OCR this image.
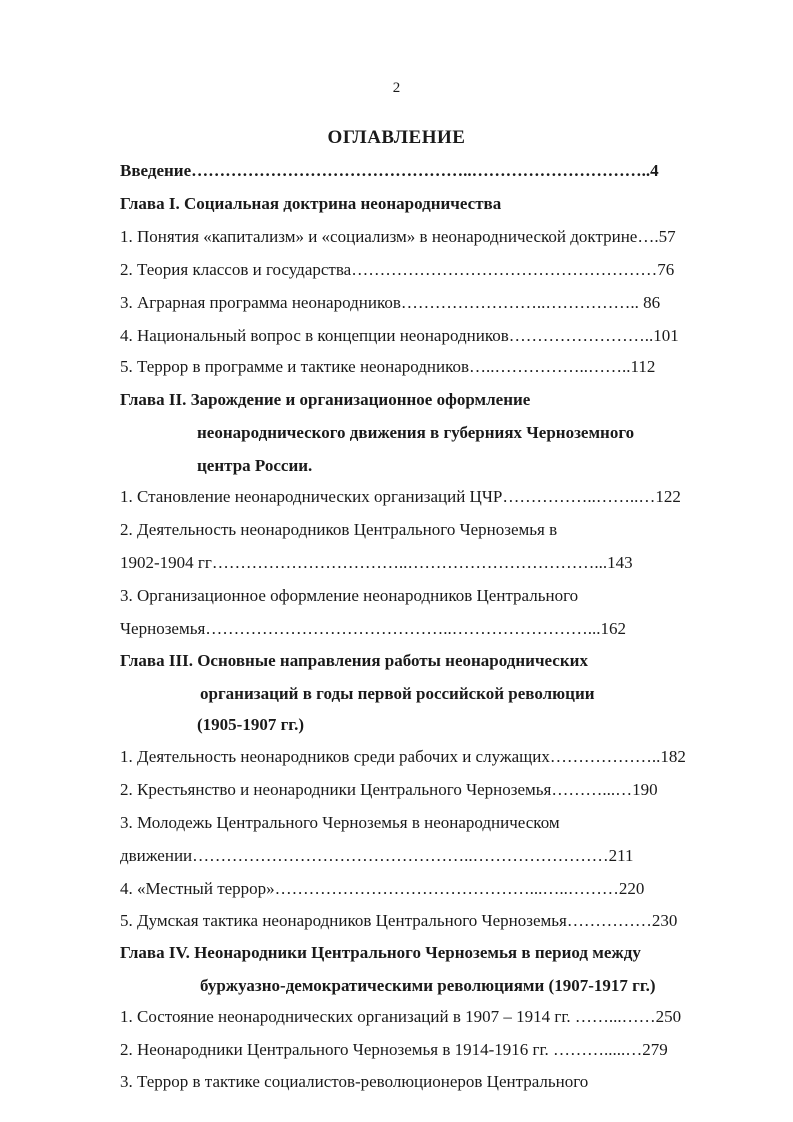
2
ОГЛАВЛЕНИЕ
Введение…………………………………………..…………………………..4
Глава I. Социальная доктрина неонародничества
1. Понятия «капитализм» и «социализм» в неонароднической доктрине….57
2. Теория классов и государства………………………………………………76
3. Аграрная программа неонародников……………………..…………….. 86
4. Национальный вопрос в концепции неонародников……………………..101
5. Террор в программе и тактике неонародников…..……………..……..112
Глава II. Зарождение и организационное оформление
неонароднического движения в губерниях Черноземного
центра России.
1. Становление неонароднических организаций ЦЧР……………..……..…122
2. Деятельность неонародников Центрального Черноземья в
1902-1904 гг……………………………..……………………………...143
3. Организационное оформление неонародников Центрального
Черноземья……………………………………..……………………...162
Глава III. Основные направления работы неонароднических
организаций в годы первой российской революции
(1905-1907 гг.)
1. Деятельность неонародников среди рабочих и служащих………………..182
2. Крестьянство и неонародники Центрального Черноземья………...…190
3. Молодежь Центрального Черноземья в неонародническом
движении…………………………………………..……………………211
4. «Местный террор»………………………………………...…..………220
5. Думская тактика неонародников Центрального Черноземья……………230
Глава IV. Неонародники Центрального Черноземья в период между
буржуазно-демократическими революциями (1907-1917 гг.)
1. Состояние неонароднических организаций в 1907 – 1914 гг. ……...……250
2. Неонародники Центрального Черноземья в 1914-1916 гг. ……….....…279
3. Террор в тактике социалистов-революционеров Центрального
